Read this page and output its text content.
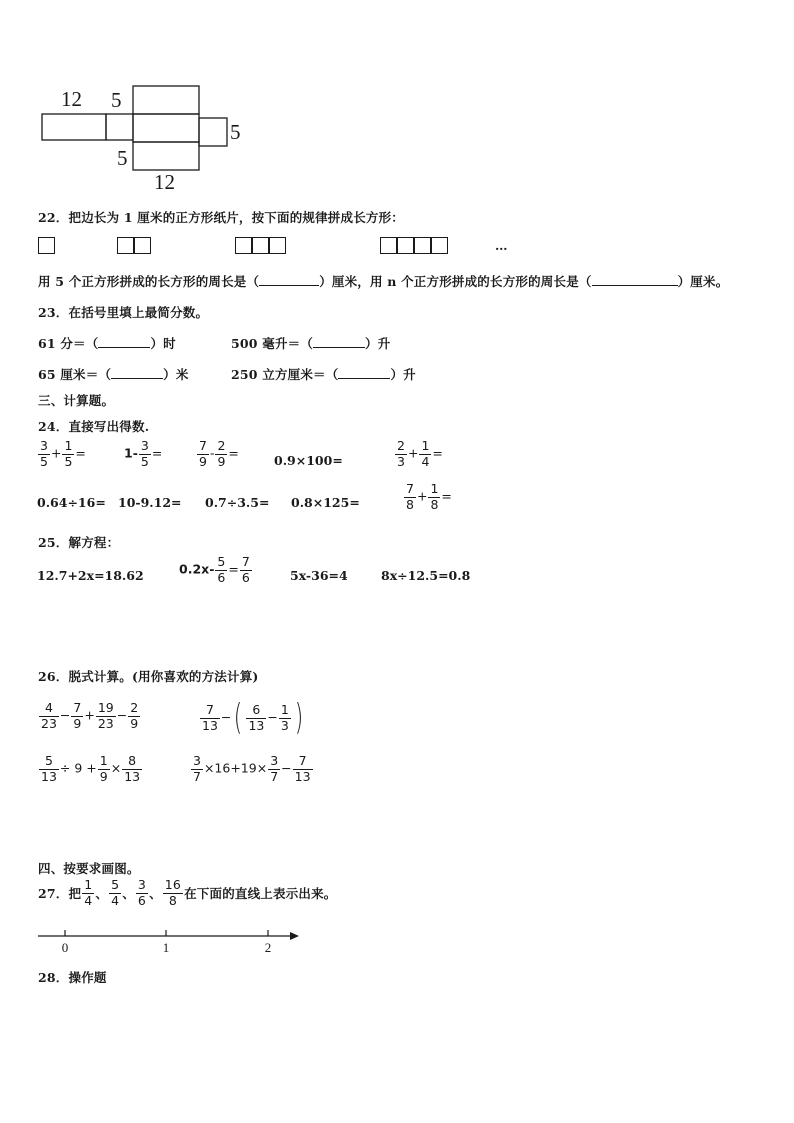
12 5
5
5
12
22．把边长为 1 厘米的正方形纸片，按下面的规律拼成长方形：
…
用 5 个正方形拼成的长方形的周长是（	）厘米，用 n 个正方形拼成的长方形的周长是（	）厘米。
23．在括号里填上最简分数。
61 分＝（	）时	500 毫升＝（	）升
65 厘米＝（	）米	250 立方厘米＝（	）升
三、计算题。
24．直接写出得数.
$\frac{3}{5} + \frac{1}{5}$ =	$1- \frac{3}{5}$ =	$\frac{7}{9} - \frac{2}{9}$ =	0.9×100=	$\frac{2}{3} + \frac{1}{4}$ =
0.64÷16= 10-9.12= 0.7÷3.5= 0.8×125=	$\frac{7}{8} + \frac{1}{8}$ =
25．解方程：
12.7+2x=18.62	$0.2x- \frac{5}{6} = \frac{7}{6}$	5x-36=4	8x÷12.5=0.8
26．脱式计算。(用你喜欢的方法计算)
$\frac{4}{23} - \frac{7}{9} + \frac{19}{23} - \frac{2}{9}$	$\frac{7}{13}$ −( $\frac{6}{13} - \frac{1}{3}$ )
$\frac{5}{13} \div 9 + \frac{1}{9} \times \frac{8}{13}$	$\frac{3}{7} \times 16+19\times \frac{3}{7} - \frac{7}{13}$
四、按要求画图。
27．把 $\frac{1}{4}$ 、 $\frac{5}{4}$ 、 $\frac{3}{6}$ 、 $\frac{16}{8}$ 在下面的直线上表示出来。
0	1	2
28．操作题
